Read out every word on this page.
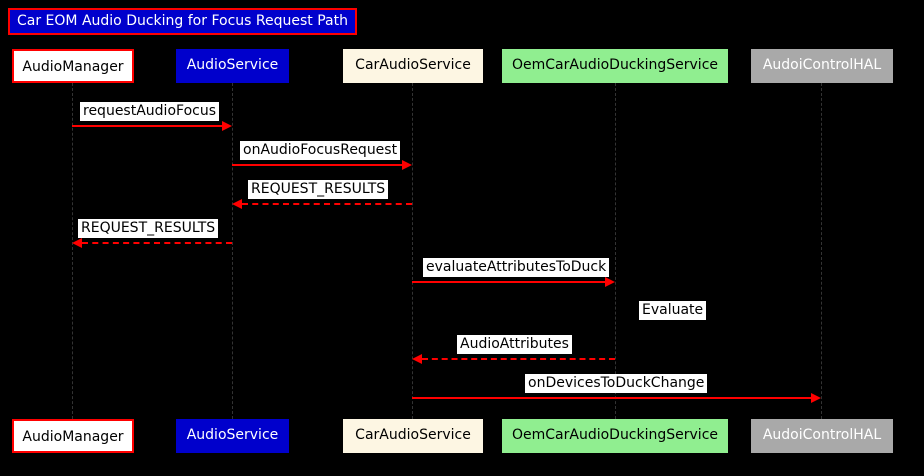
Car EOM Audio Ducking for Focus Request Path
AudioManager	AudioService	CarAudioService	OemCarAudioDuckingService	AudoiControlHAL
requestAudioFocus
onAudioFocusRequest
REQUEST_RESULTS
REQUEST_RESULTS
evaluateAttributesToDuck
Evaluate
AudioAttributes
onDevicesToDuckChange
AudioManager	AudioService	CarAudioService	OemCarAudioDuckingService	AudoiControlHAL
